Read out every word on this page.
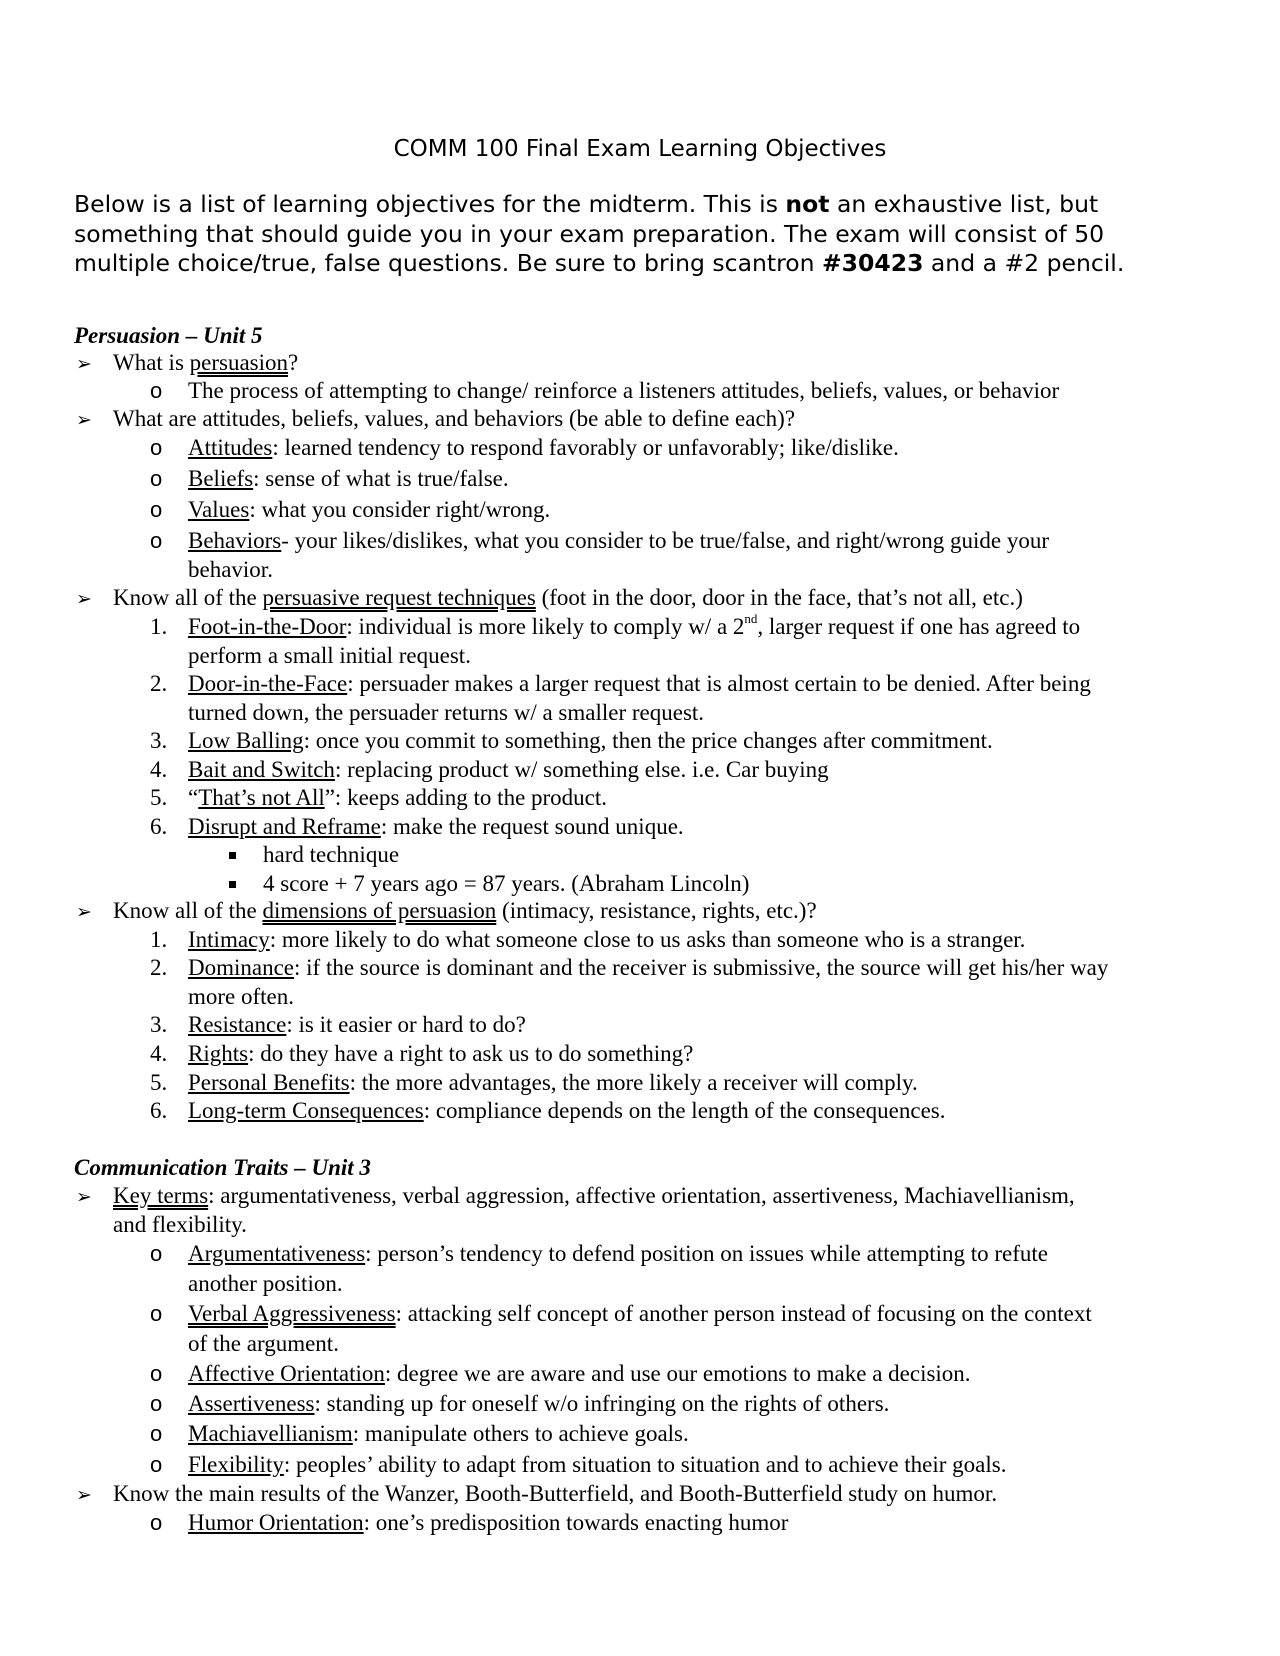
COMM 100 Final Exam Learning Objectives

Below is a list of learning objectives for the midterm. This is not an exhaustive list, but something that should guide you in your exam preparation. The exam will consist of 50 multiple choice/true, false questions. Be sure to bring scantron #30423 and a #2 pencil.

Persuasion – Unit 5
➢ What is persuasion?

o The process of attempting to change/ reinforce a listeners attitudes, beliefs, values, or behavior

➢ What are attitudes, beliefs, values, and behaviors (be able to define each)?

o Attitudes: learned tendency to respond favorably or unfavorably; like/dislike.

o Beliefs: sense of what is true/false.

o Values: what you consider right/wrong.

o Behaviors- your likes/dislikes, what you consider to be true/false, and right/wrong guide your

behavior.

➢ Know all of the persuasive request techniques (foot in the door, door in the face, that’s not all, etc.)

1. Foot-in-the-Door: individual is more likely to comply w/ a 2nd, larger request if one has agreed to

perform a small initial request.

2. Door-in-the-Face: persuader makes a larger request that is almost certain to be denied. After being

turned down, the persuader returns w/ a smaller request.

3. Low Balling: once you commit to something, then the price changes after commitment.

4. Bait and Switch: replacing product w/ something else. i.e. Car buying

5. “That’s not All”: keeps adding to the product.

6. Disrupt and Reframe: make the request sound unique.

hard technique

4 score + 7 years ago = 87 years. (Abraham Lincoln)

➢ Know all of the dimensions of persuasion (intimacy, resistance, rights, etc.)?

1. Intimacy: more likely to do what someone close to us asks than someone who is a stranger.

2. Dominance: if the source is dominant and the receiver is submissive, the source will get his/her way

more often.

3. Resistance: is it easier or hard to do?

4. Rights: do they have a right to ask us to do something?

5. Personal Benefits: the more advantages, the more likely a receiver will comply.

6. Long-term Consequences: compliance depends on the length of the consequences.

Communication Traits – Unit 3
➢ Key terms: argumentativeness, verbal aggression, affective orientation, assertiveness, Machiavellianism,

and flexibility.

o Argumentativeness: person’s tendency to defend position on issues while attempting to refute

another position.

o Verbal Aggressiveness: attacking self concept of another person instead of focusing on the context

of the argument.

o Affective Orientation: degree we are aware and use our emotions to make a decision.

o Assertiveness: standing up for oneself w/o infringing on the rights of others.

o Machiavellianism: manipulate others to achieve goals.

o Flexibility: peoples’ ability to adapt from situation to situation and to achieve their goals.

➢ Know the main results of the Wanzer, Booth-Butterfield, and Booth-Butterfield study on humor.

o Humor Orientation: one’s predisposition towards enacting humor
